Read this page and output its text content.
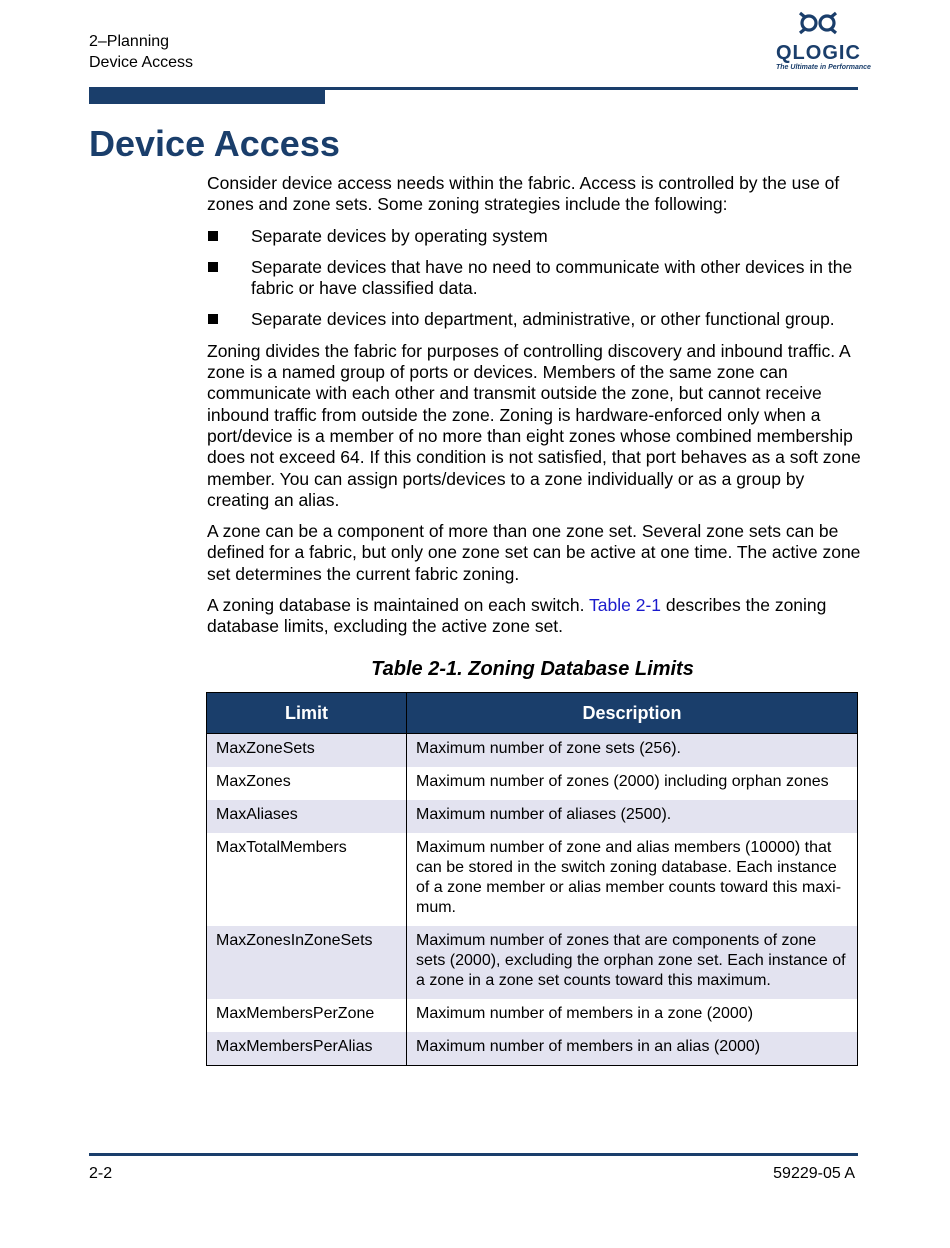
2–Planning
Device Access	QLOGIC
The Ultimate in Performance
Device Access

Consider device access needs within the fabric. Access is controlled by the use of zones and zone sets. Some zoning strategies include the following:

Separate devices by operating system
Separate devices that have no need to communicate with other devices in the fabric or have classified data.
Separate devices into department, administrative, or other functional group.

Zoning divides the fabric for purposes of controlling discovery and inbound traffic. A zone is a named group of ports or devices. Members of the same zone can communicate with each other and transmit outside the zone, but cannot receive inbound traffic from outside the zone. Zoning is hardware-enforced only when a port/device is a member of no more than eight zones whose combined membership does not exceed 64. If this condition is not satisfied, that port behaves as a soft zone member. You can assign ports/devices to a zone individually or as a group by creating an alias.

A zone can be a component of more than one zone set. Several zone sets can be defined for a fabric, but only one zone set can be active at one time. The active zone set determines the current fabric zoning.

A zoning database is maintained on each switch. Table 2-1 describes the zoning database limits, excluding the active zone set.

Table 2-1. Zoning Database Limits
Limit	Description
MaxZoneSets	Maximum number of zone sets (256).
MaxZones	Maximum number of zones (2000) including orphan zones
MaxAliases	Maximum number of aliases (2500).
MaxTotalMembers	Maximum number of zone and alias members (10000) that can be stored in the switch zoning database. Each instance of a zone member or alias member counts toward this maxi-mum.
MaxZonesInZoneSets	Maximum number of zones that are components of zone sets (2000), excluding the orphan zone set. Each instance of a zone in a zone set counts toward this maximum.
MaxMembersPerZone	Maximum number of members in a zone (2000)
MaxMembersPerAlias	Maximum number of members in an alias (2000)
2-2	59229-05 A
